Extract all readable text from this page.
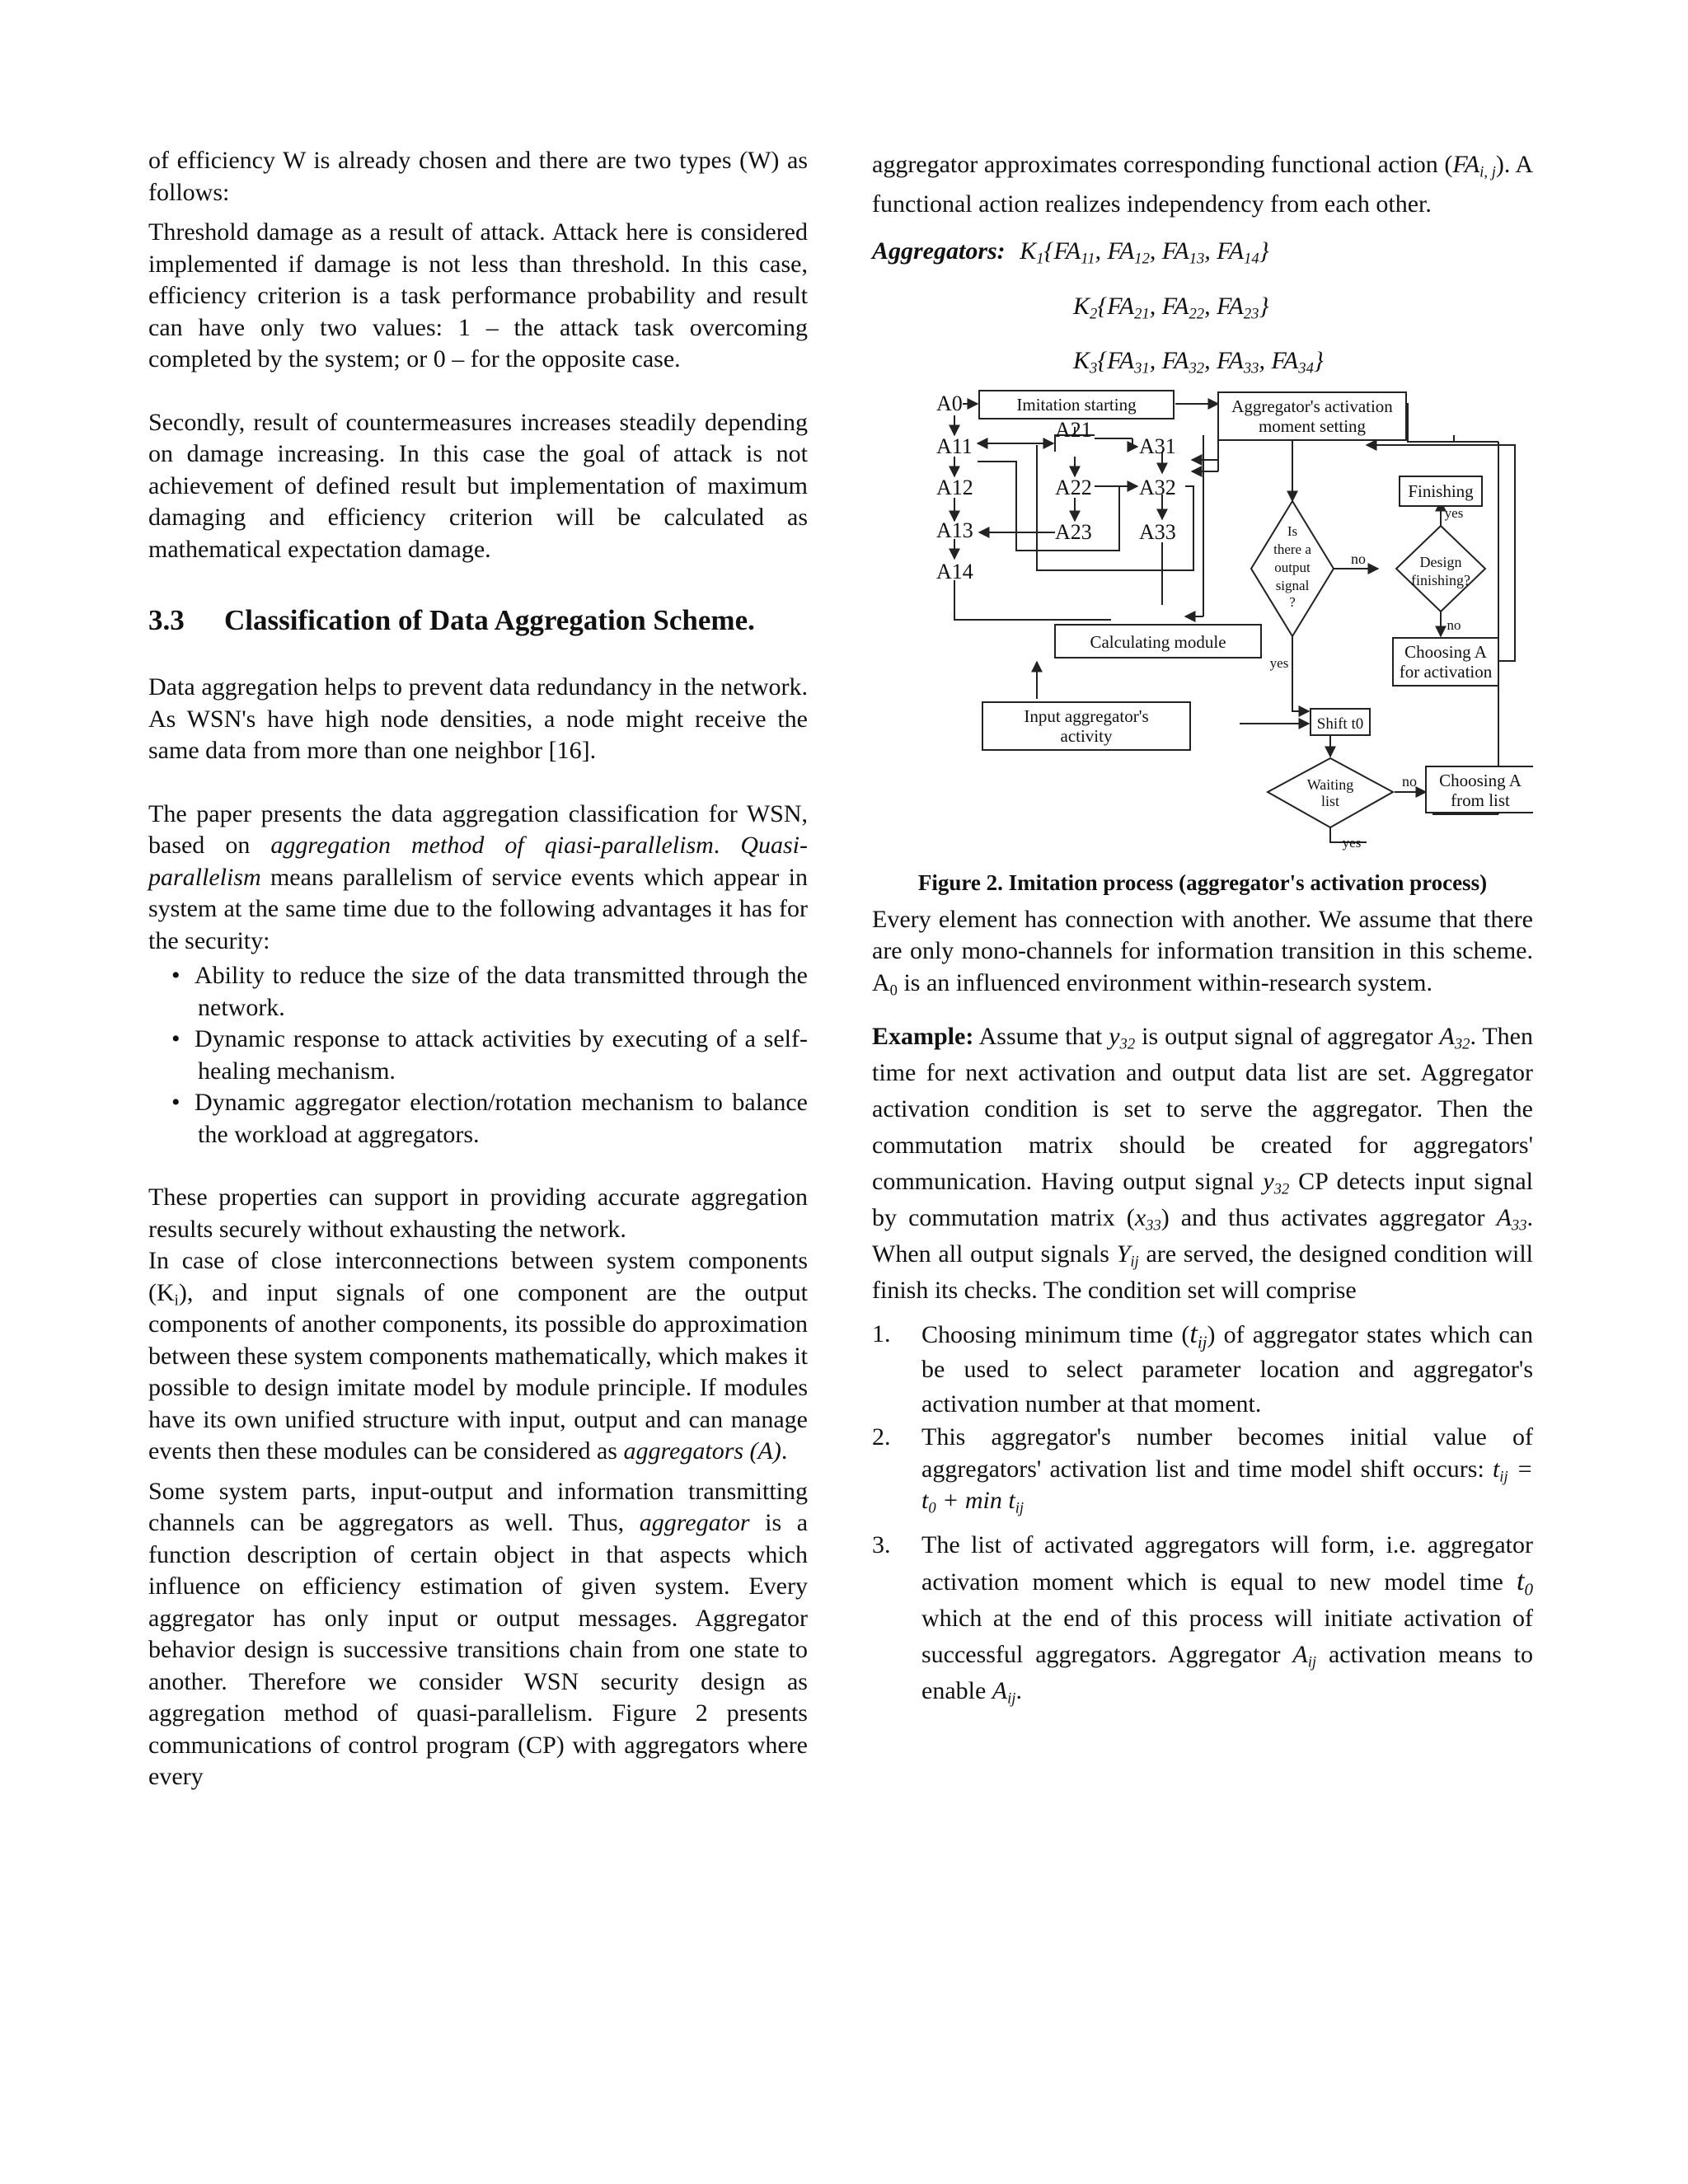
of efficiency W is already chosen and there are two types (W) as follows:

Threshold damage as a result of attack. Attack here is considered implemented if damage is not less than threshold. In this case, efficiency criterion is a task performance probability and result can have only two values: 1 – the attack task overcoming completed by the system; or 0 – for the opposite case.

Secondly, result of countermeasures increases steadily depending on damage increasing. In this case the goal of attack is not achievement of defined result but implementation of maximum damaging and efficiency criterion will be calculated as mathematical expectation damage.

3.3	Classification of Data Aggregation Scheme.

Data aggregation helps to prevent data redundancy in the network. As WSN's have high node densities, a node might receive the same data from more than one neighbor [16].

The paper presents the data aggregation classification for WSN, based on aggregation method of qiasi-parallelism. Quasi-parallelism means parallelism of service events which appear in system at the same time due to the following advantages it has for the security:

• Ability to reduce the size of the data transmitted through the network.
• Dynamic response to attack activities by executing of a self-healing mechanism.
• Dynamic aggregator election/rotation mechanism to balance the workload at aggregators.

These properties can support in providing accurate aggregation results securely without exhausting the network.

In case of close interconnections between system components $(K_i)$, and input signals of one component are the output components of another components, its possible do approximation between these system components mathematically, which makes it possible to design imitate model by module principle. If modules have its own unified structure with input, output and can manage events then these modules can be considered as aggregators (A).

Some system parts, input-output and information transmitting channels can be aggregators as well. Thus, aggregator is a function description of certain object in that aspects which influence on efficiency estimation of given system. Every aggregator has only input or output messages. Aggregator behavior design is successive transitions chain from one state to another. Therefore we consider WSN security design as aggregation method of quasi-parallelism. Figure 2 presents communications of control program (CP) with aggregators where every

aggregator approximates corresponding functional action $(FA_{i, j})$. A functional action realizes independency from each other.

Aggregators: $K_1\{FA_{11}$, $FA_{12}$, $FA_{13}$, $FA_{14}$}
$K_2\{FA_{21}$, $FA_{22}$, $FA_{23}$}
$K_3\{FA_{31}$, $FA_{32}$, $FA_{33}$, $FA_{34}$}
A0
A11
A12
A13
A14
A21
A22
A23
A31
A32
A33
Imitation starting	Aggregator's activation
moment setting
Finishing
Design
finishing?
Is
there a
output
signal
?
no
yes
no
yes
Calculating module	Choosing A
for activation
Input aggregator's
activity
Shift t0
Waiting
list
no
yes
Choosing A
from list

Figure 2. Imitation process (aggregator's activation process)

Every element has connection with another. We assume that there are only mono-channels for information transition in this scheme. $A_0$ is an influenced environment within-research system.

Example: Assume that $y_{32}$ is output signal of aggregator $A_{32}$. Then time for next activation and output data list are set. Aggregator activation condition is set to serve the aggregator. Then the commutation matrix should be created for aggregators' communication. Having output signal $y_{32}$ CP detects input signal by commutation matrix $(x_{33})$ and thus activates aggregator $A_{33}$. When all output signals $Y_{ij}$ are served, the designed condition will finish its checks. The condition set will comprise

1.	Choosing minimum time $(t_{ij})$ of aggregator states which can be used to select parameter location and aggregator's activation number at that moment.
2.	This aggregator's number becomes initial value of aggregators' activation list and time model shift occurs: $t_{ij} = t_0 + \min t_{ij}$
3.	The list of activated aggregators will form, i.e. aggregator activation moment which is equal to new model time $t_0$ which at the end of this process will initiate activation of successful aggregators. Aggregator $A_{ij}$ activation means to enable $A_{ij}$.
